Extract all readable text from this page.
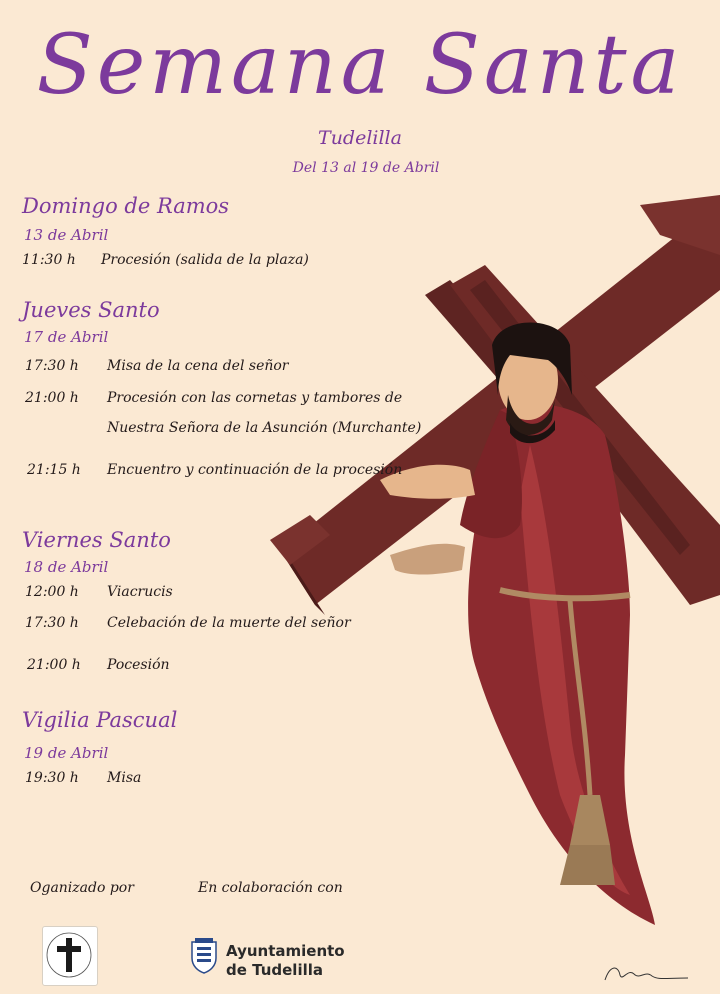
Semana Santa
Tudelilla
Del 13 al 19 de Abril
Domingo de Ramos
13 de Abril
11:30 h Procesión (salida de la plaza)
Jueves Santo
17 de Abril
17:30 h Misa de la cena del señor
21:00 h Procesión con las cornetas y tambores de
Nuestra Señora de la Asunción (Murchante)
21:15 h Encuentro y continuación de la procesión
Viernes Santo
18 de Abril
12:00 h Viacrucis
17:30 h Celebación de la muerte del señor
21:00 h Pocesión
Vigilia Pascual
19 de Abril
19:30 h Misa
Oganizado por	En colaboración con
Ayuntamiento
de Tudelilla
